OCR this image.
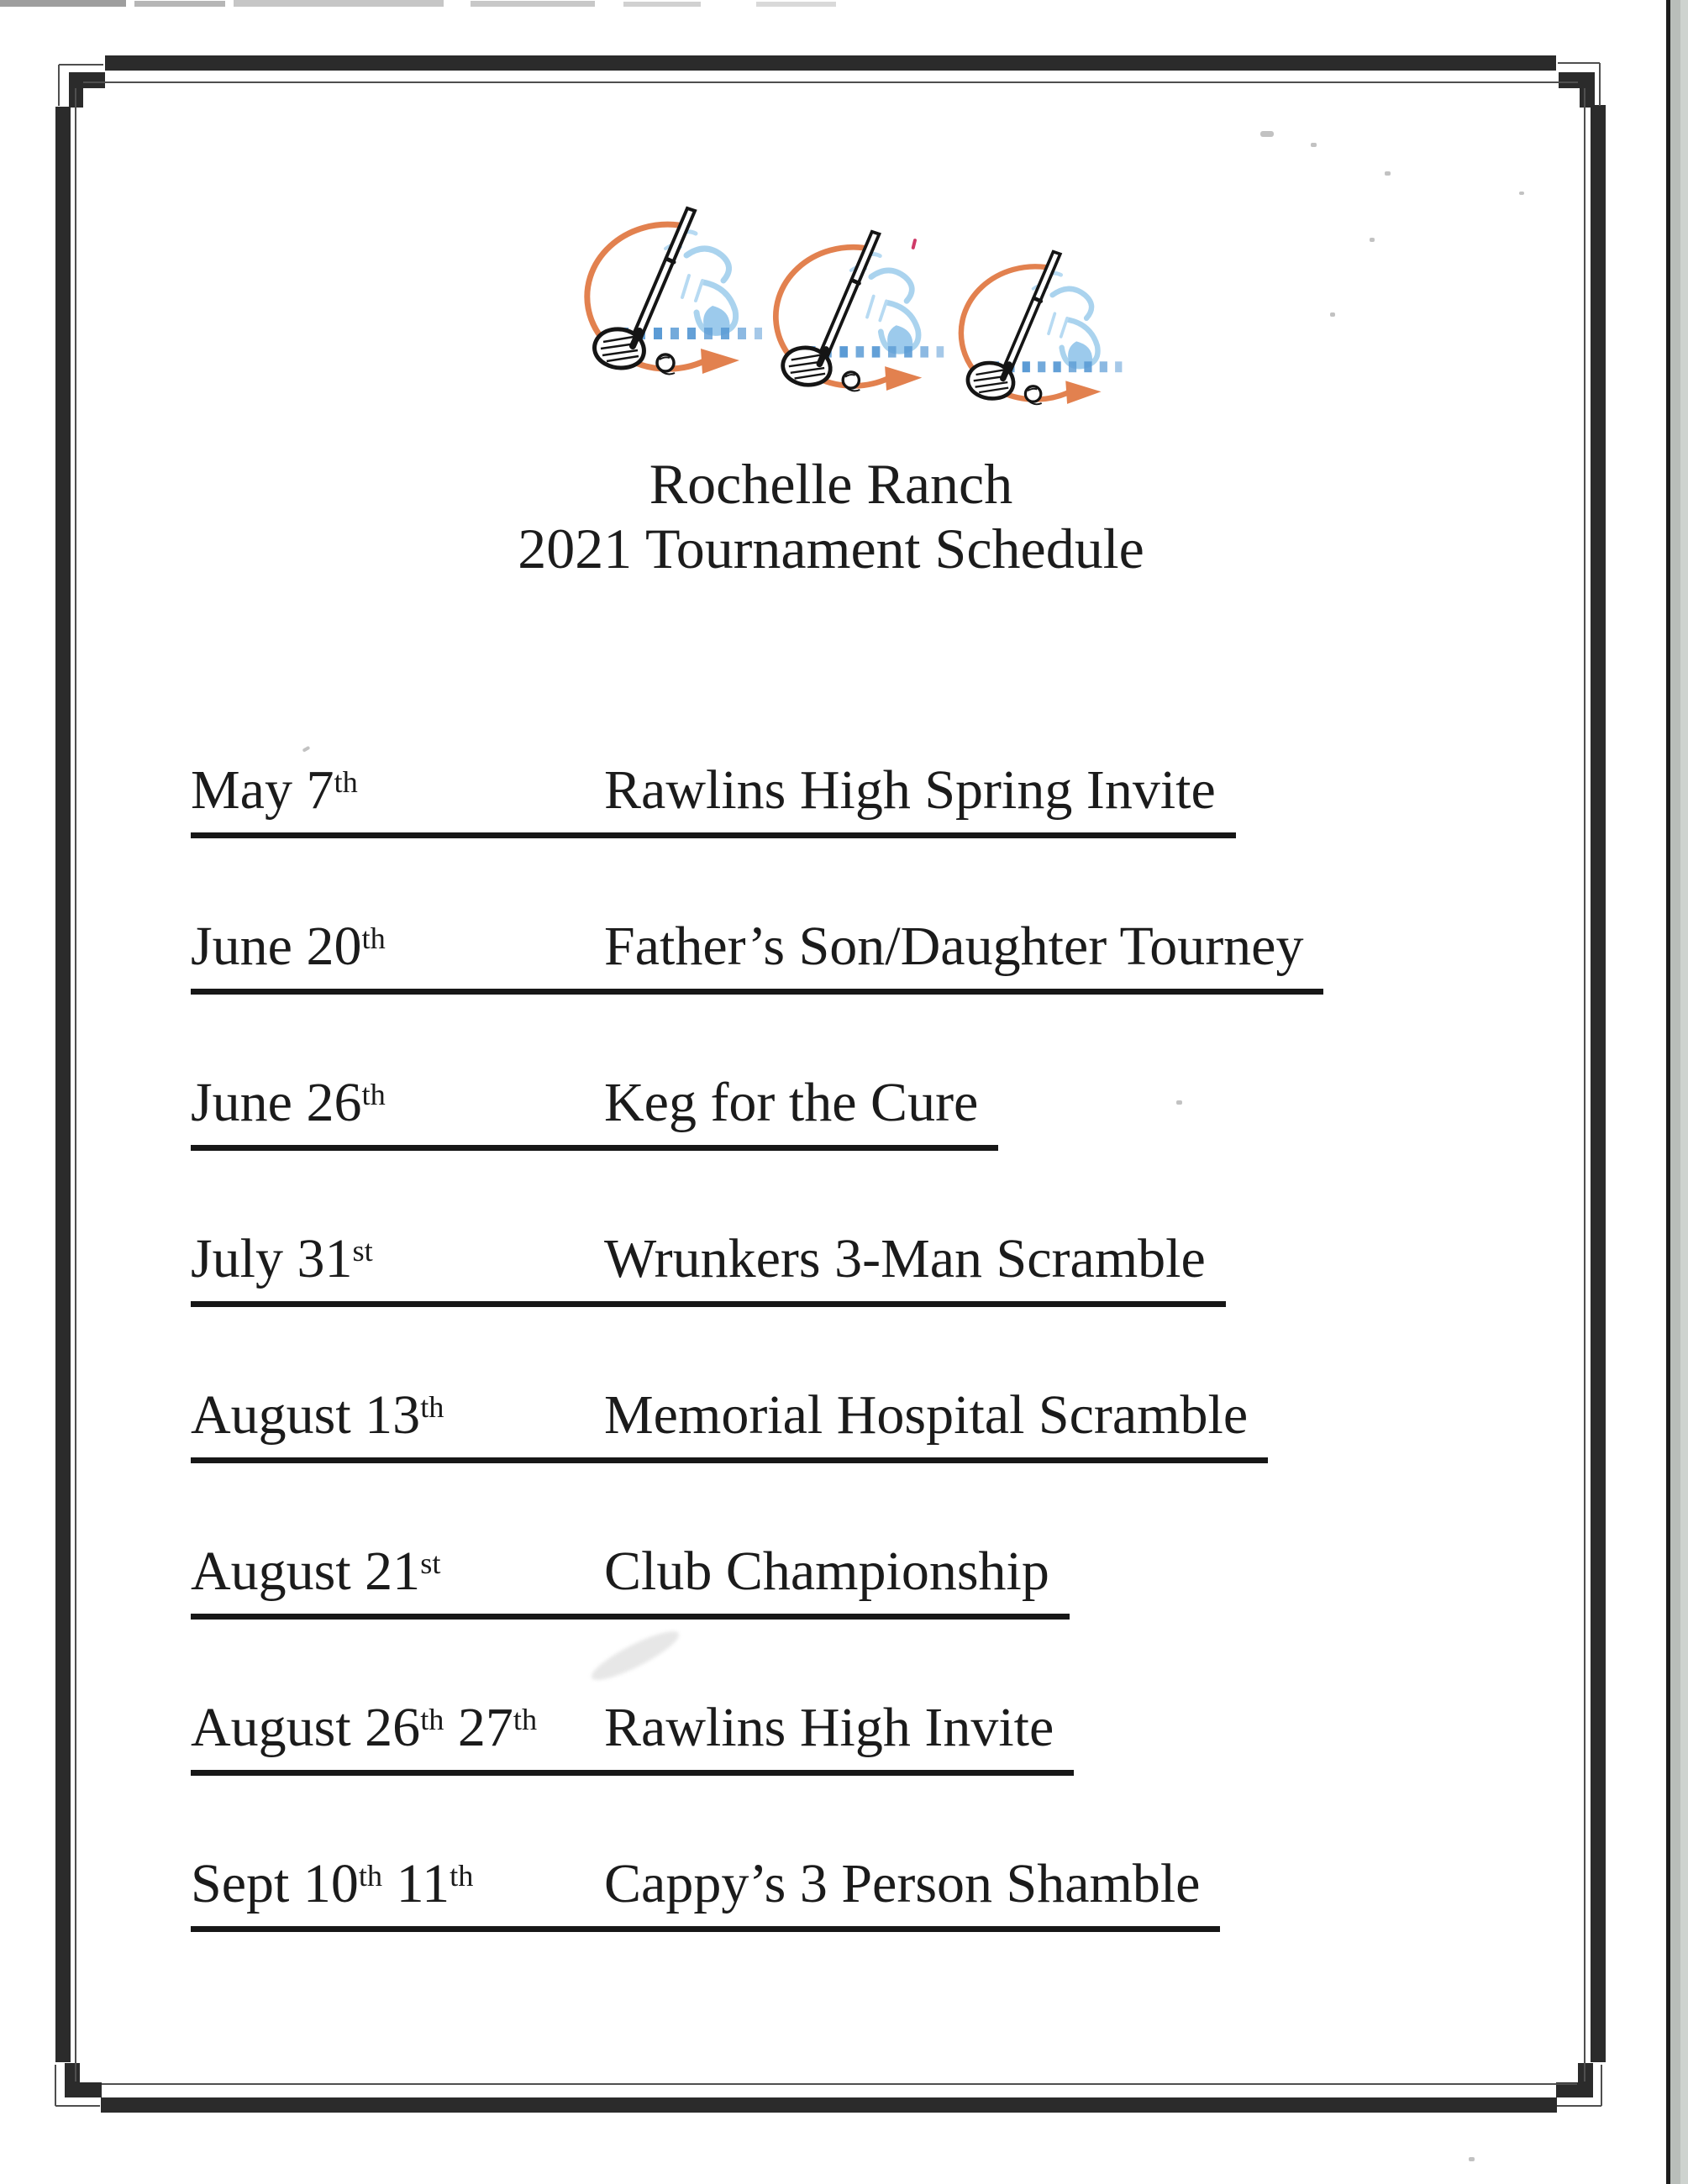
Rochelle Ranch
2021 Tournament Schedule
May 7th	Rawlins High Spring Invite
June 20th	Father’s Son/Daughter Tourney
June 26th	Keg for the Cure
July 31st	Wrunkers 3-Man Scramble
August 13th	Memorial Hospital Scramble
August 21st	Club Championship
August 26th 27th	Rawlins High Invite
Sept 10th 11th	Cappy’s 3 Person Shamble
